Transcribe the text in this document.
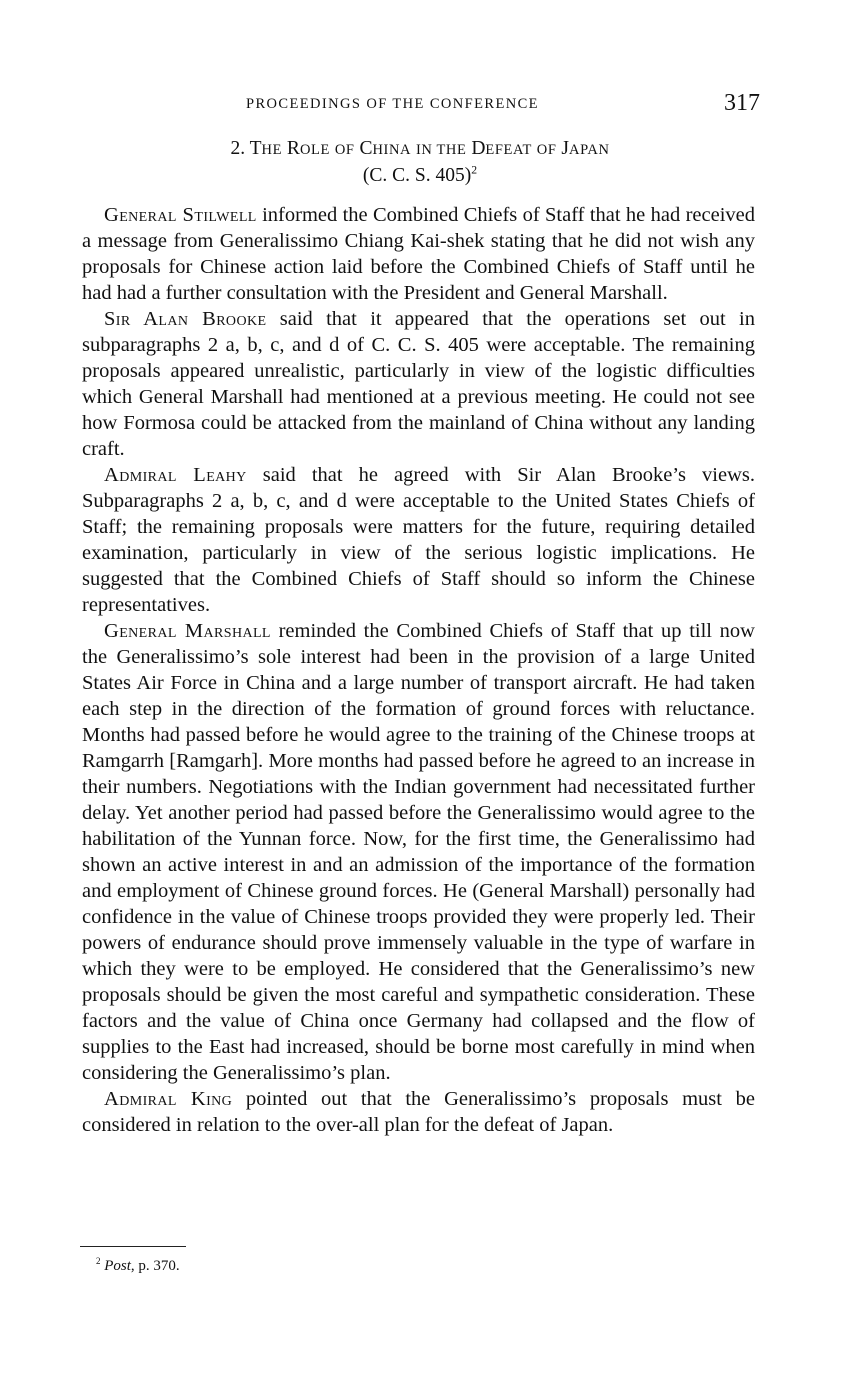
PROCEEDINGS OF THE CONFERENCE	317
2. THE ROLE OF CHINA IN THE DEFEAT OF JAPAN
(C. C. S. 405)$^2$

General Stilwell informed the Combined Chiefs of Staff that he had received a message from Generalissimo Chiang Kai-shek stating that he did not wish any proposals for Chinese action laid before the Combined Chiefs of Staff until he had had a further consultation with the President and General Marshall.

Sir Alan Brooke said that it appeared that the operations set out in subparagraphs 2 a, b, c, and d of C. C. S. 405 were acceptable. The remaining proposals appeared unrealistic, particularly in view of the logistic difficulties which General Marshall had mentioned at a previous meeting. He could not see how Formosa could be attacked from the mainland of China without any landing craft.

Admiral Leahy said that he agreed with Sir Alan Brooke’s views. Subparagraphs 2 a, b, c, and d were acceptable to the United States Chiefs of Staff; the remaining proposals were matters for the future, requiring detailed examination, particularly in view of the serious logistic implications. He suggested that the Combined Chiefs of Staff should so inform the Chinese representatives.

General Marshall reminded the Combined Chiefs of Staff that up till now the Generalissimo’s sole interest had been in the provision of a large United States Air Force in China and a large number of transport aircraft. He had taken each step in the direction of the formation of ground forces with reluctance. Months had passed before he would agree to the training of the Chinese troops at Ramgarrh [Ramgarh]. More months had passed before he agreed to an increase in their numbers. Negotiations with the Indian government had necessitated further delay. Yet another period had passed before the Generalissimo would agree to the habilitation of the Yunnan force. Now, for the first time, the Generalissimo had shown an active interest in and an admission of the importance of the formation and employment of Chinese ground forces. He (General Marshall) personally had confidence in the value of Chinese troops provided they were properly led. Their powers of endurance should prove immensely valuable in the type of warfare in which they were to be employed. He considered that the Generalissimo’s new proposals should be given the most careful and sympathetic consideration. These factors and the value of China once Germany had collapsed and the flow of supplies to the East had increased, should be borne most carefully in mind when considering the Generalissimo’s plan.

Admiral King pointed out that the Generalissimo’s proposals must be considered in relation to the over-all plan for the defeat of Japan.

$^2$ Post, p. 370.
